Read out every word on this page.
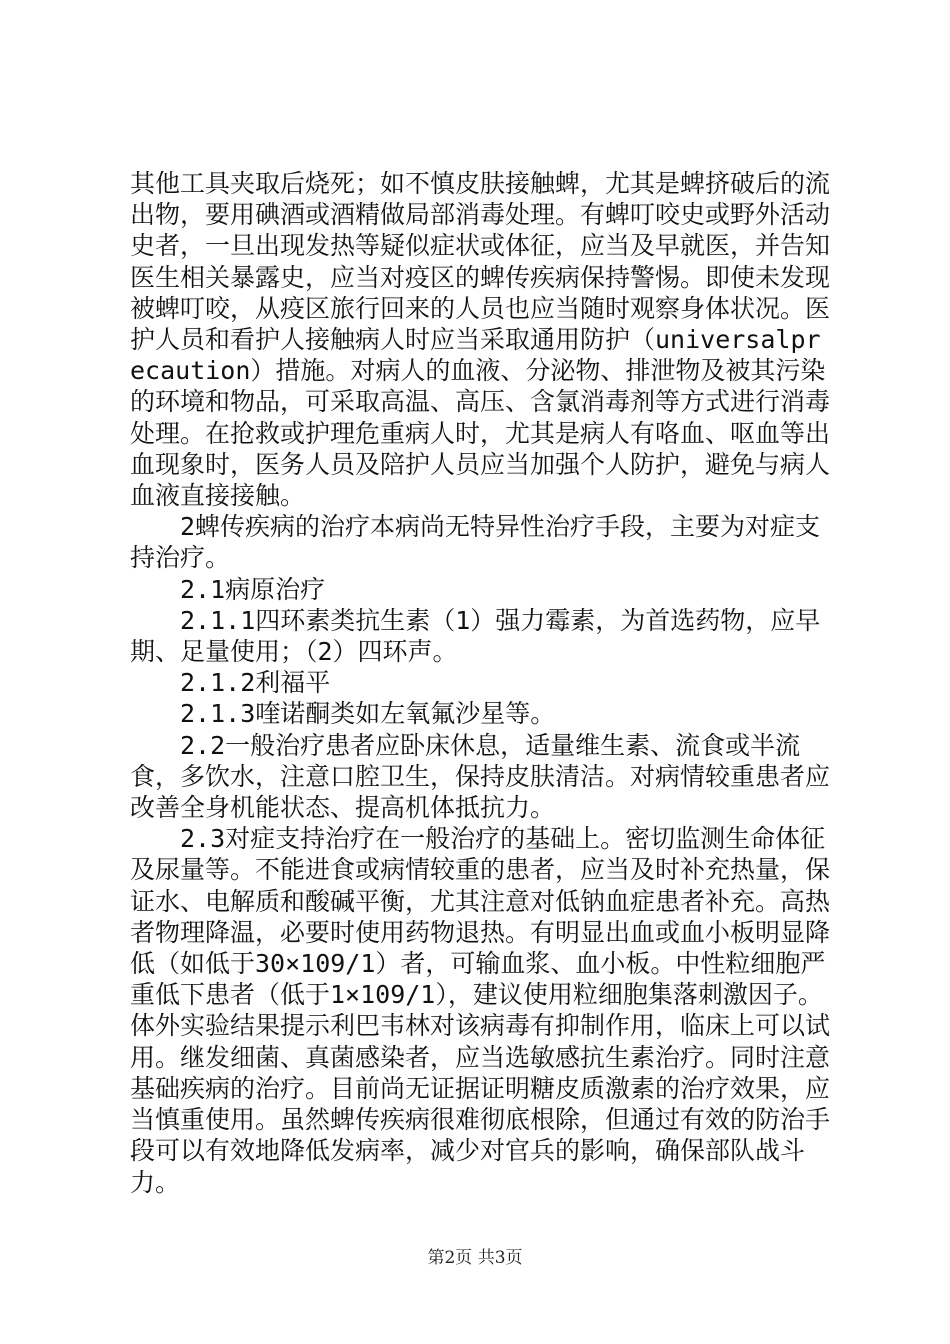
其他工具夹取后烧死；如不慎皮肤接触蜱，尤其是蜱挤破后的流出物，要用碘酒或酒精做局部消毒处理。有蜱叮咬史或野外活动史者，一旦出现发热等疑似症状或体征，应当及早就医，并告知医生相关暴露史，应当对疫区的蜱传疾病保持警惕。即使未发现被蜱叮咬，从疫区旅行回来的人员也应当随时观察身体状况。医护人员和看护人接触病人时应当采取通用防护（universalprecaution）措施。对病人的血液、分泌物、排泄物及被其污染的环境和物品，可采取高温、高压、含氯消毒剂等方式进行消毒处理。在抢救或护理危重病人时，尤其是病人有咯血、呕血等出血现象时，医务人员及陪护人员应当加强个人防护，避免与病人血液直接接触。

　　2蜱传疾病的治疗本病尚无特异性治疗手段，主要为对症支持治疗。

　　2.1病原治疗

　　2.1.1四环素类抗生素（1）强力霉素，为首选药物，应早期、足量使用；（2）四环声。

　　2.1.2利福平

　　2.1.3喹诺酮类如左氧氟沙星等。

　　2.2一般治疗患者应卧床休息，适量维生素、流食或半流食，多饮水，注意口腔卫生，保持皮肤清洁。对病情较重患者应改善全身机能状态、提高机体抵抗力。

　　2.3对症支持治疗在一般治疗的基础上。密切监测生命体征及尿量等。不能进食或病情较重的患者，应当及时补充热量，保证水、电解质和酸碱平衡，尤其注意对低钠血症患者补充。高热者物理降温，必要时使用药物退热。有明显出血或血小板明显降低（如低于30×109/1）者，可输血浆、血小板。中性粒细胞严重低下患者（低于1×109/1），建议使用粒细胞集落刺激因子。体外实验结果提示利巴韦林对该病毒有抑制作用，临床上可以试用。继发细菌、真菌感染者，应当选敏感抗生素治疗。同时注意基础疾病的治疗。目前尚无证据证明糖皮质激素的治疗效果，应当慎重使用。虽然蜱传疾病很难彻底根除，但通过有效的防治手段可以有效地降低发病率，减少对官兵的影响，确保部队战斗力。

第2页 共3页
